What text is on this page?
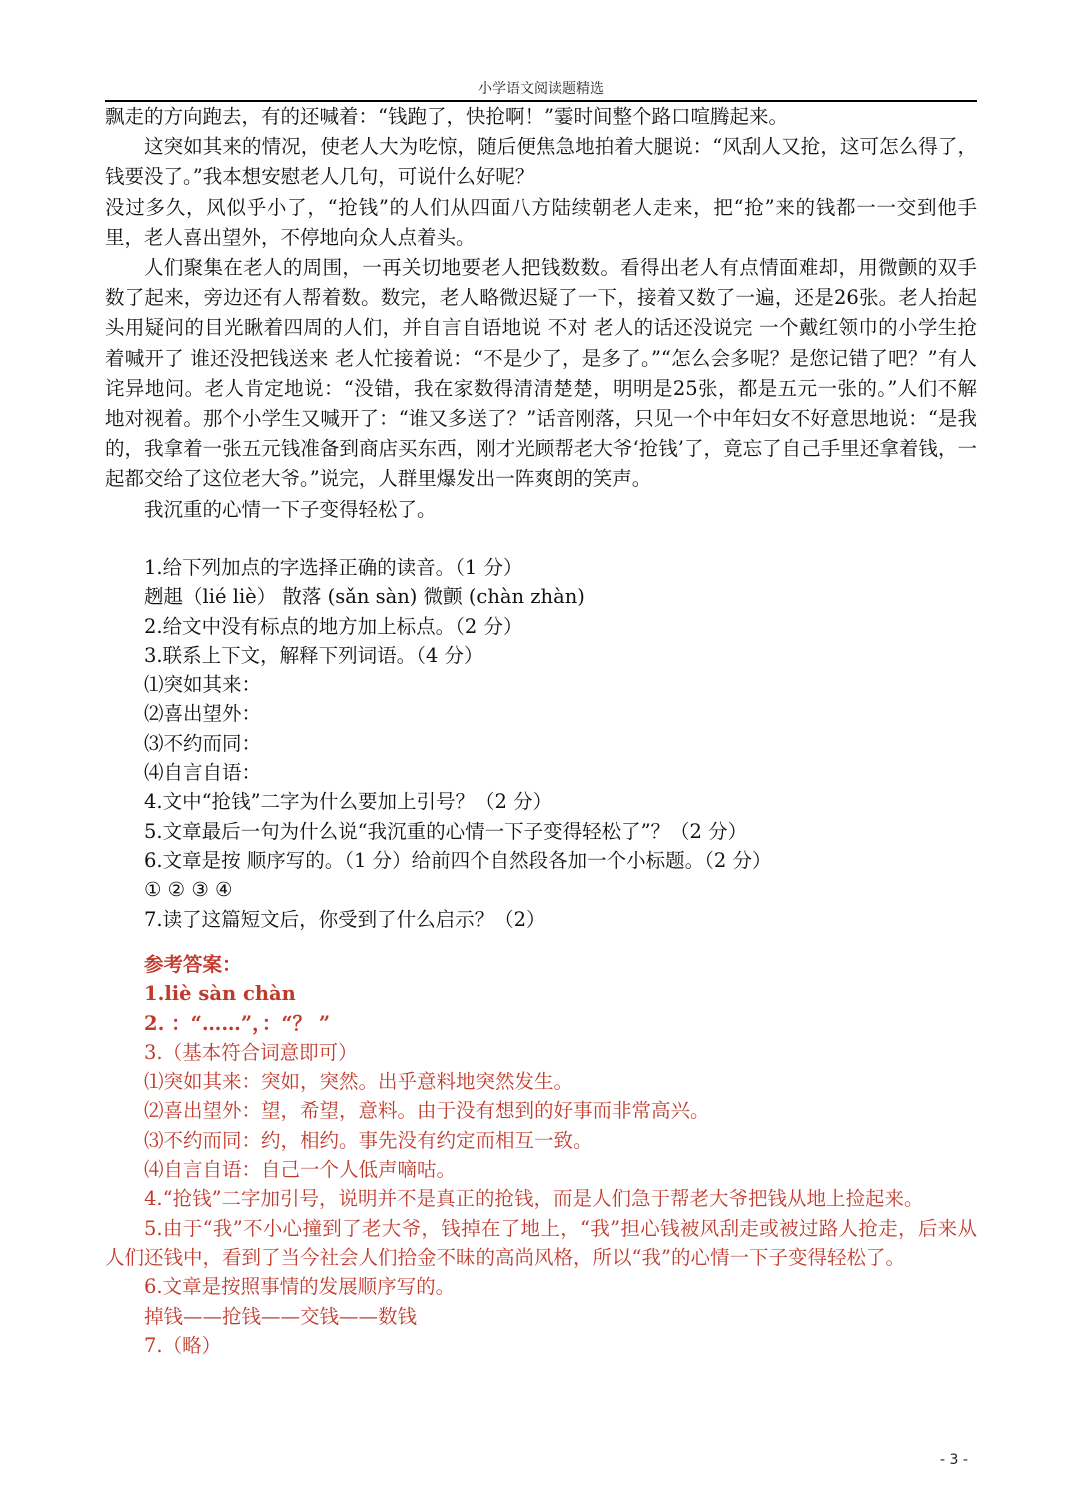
小学语文阅读题精选

飘走的方向跑去，有的还喊着：“钱跑了，快抢啊！”霎时间整个路口喧腾起来。

这突如其来的情况，使老人大为吃惊，随后便焦急地拍着大腿说：“风刮人又抢，这可怎么得了，钱要没了。”我本想安慰老人几句，可说什么好呢？

没过多久，风似乎小了，“抢钱”的人们从四面八方陆续朝老人走来，把“抢”来的钱都一一交到他手里，老人喜出望外，不停地向众人点着头。

人们聚集在老人的周围，一再关切地要老人把钱数数。看得出老人有点情面难却，用微颤的双手数了起来，旁边还有人帮着数。数完，老人略微迟疑了一下，接着又数了一遍，还是26张。老人抬起头用疑问的目光瞅着四周的人们，并自言自语地说 不对 老人的话还没说完 一个戴红领巾的小学生抢着喊开了 谁还没把钱送来 老人忙接着说：“不是少了，是多了。”“怎么会多呢？是您记错了吧？”有人诧异地问。老人肯定地说：“没错，我在家数得清清楚楚，明明是25张，都是五元一张的。”人们不解地对视着。那个小学生又喊开了：“谁又多送了？”话音刚落，只见一个中年妇女不好意思地说：“是我的，我拿着一张五元钱准备到商店买东西，刚才光顾帮老大爷‘抢钱’了，竟忘了自己手里还拿着钱，一起都交给了这位老大爷。”说完，人群里爆发出一阵爽朗的笑声。

我沉重的心情一下子变得轻松了。

1.给下列加点的字选择正确的读音。（1 分）

趔趄（lié liè） 散落 (sǎn sàn) 微颤 (chàn zhàn)

2.给文中没有标点的地方加上标点。（2 分）

3.联系上下文，解释下列词语。（4 分）

⑴突如其来：

⑵喜出望外：

⑶不约而同：

⑷自言自语：

4.文中“抢钱”二字为什么要加上引号？（2 分）

5.文章最后一句为什么说“我沉重的心情一下子变得轻松了”？（2 分）

6.文章是按 顺序写的。（1 分）给前四个自然段各加一个小标题。（2 分）

① ② ③ ④

7.读了这篇短文后，你受到了什么启示？（2）

参考答案：

1.liè sàn chàn

2. ：“……”，：“？ ”

3.（基本符合词意即可）

⑴突如其来：突如，突然。出乎意料地突然发生。

⑵喜出望外：望，希望，意料。由于没有想到的好事而非常高兴。

⑶不约而同：约，相约。事先没有约定而相互一致。

⑷自言自语：自己一个人低声嘀咕。

4.“抢钱”二字加引号，说明并不是真正的抢钱，而是人们急于帮老大爷把钱从地上捡起来。

5.由于“我”不小心撞到了老大爷，钱掉在了地上，“我”担心钱被风刮走或被过路人抢走，后来从人们还钱中，看到了当今社会人们拾金不昧的高尚风格，所以“我”的心情一下子变得轻松了。

6.文章是按照事情的发展顺序写的。

掉钱——抢钱——交钱——数钱

7.（略）

- 3 -
